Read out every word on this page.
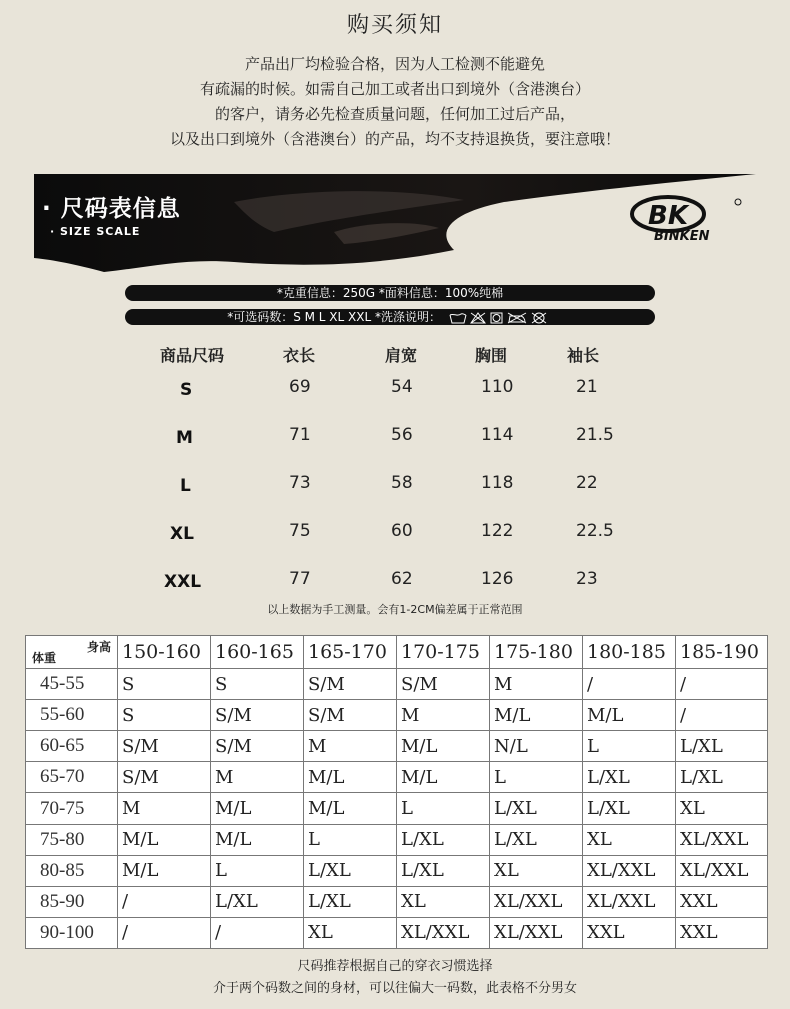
购买须知
产品出厂均检验合格，因为人工检测不能避免
有疏漏的时候。如需自己加工或者出口到境外（含港澳台）
的客户，请务必先检查质量问题，任何加工过后产品，
以及出口到境外（含港澳台）的产品，均不支持退换货，要注意哦！
· 尺码表信息
· SIZE SCALE
BK
BINKEN
*克重信息：250G *面料信息：100%纯棉
*可选码数：S M L XL XXL *洗涤说明：
商品尺码	衣长	肩宽	胸围	袖长
S	69	54	110	21
M	71	56	114	21.5
L	73	58	118	22
XL	75	60	122	22.5
XXL	77	62	126	23
以上数据为手工测量。会有1-2CM偏差属于正常范围
身高
体重	150-160	160-165	165-170	170-175	175-180	180-185	185-190
45-55	S	S	S/M	S/M	M	/	/
55-60	S	S/M	S/M	M	M/L	M/L	/
60-65	S/M	S/M	M	M/L	N/L	L	L/XL
65-70	S/M	M	M/L	M/L	L	L/XL	L/XL
70-75	M	M/L	M/L	L	L/XL	L/XL	XL
75-80	M/L	M/L	L	L/XL	L/XL	XL	XL/XXL
80-85	M/L	L	L/XL	L/XL	XL	XL/XXL	XL/XXL
85-90	/	L/XL	L/XL	XL	XL/XXL	XL/XXL	XXL
90-100	/	/	XL	XL/XXL	XL/XXL	XXL	XXL
尺码推荐根据自己的穿衣习惯选择
介于两个码数之间的身材，可以往偏大一码数，此表格不分男女
